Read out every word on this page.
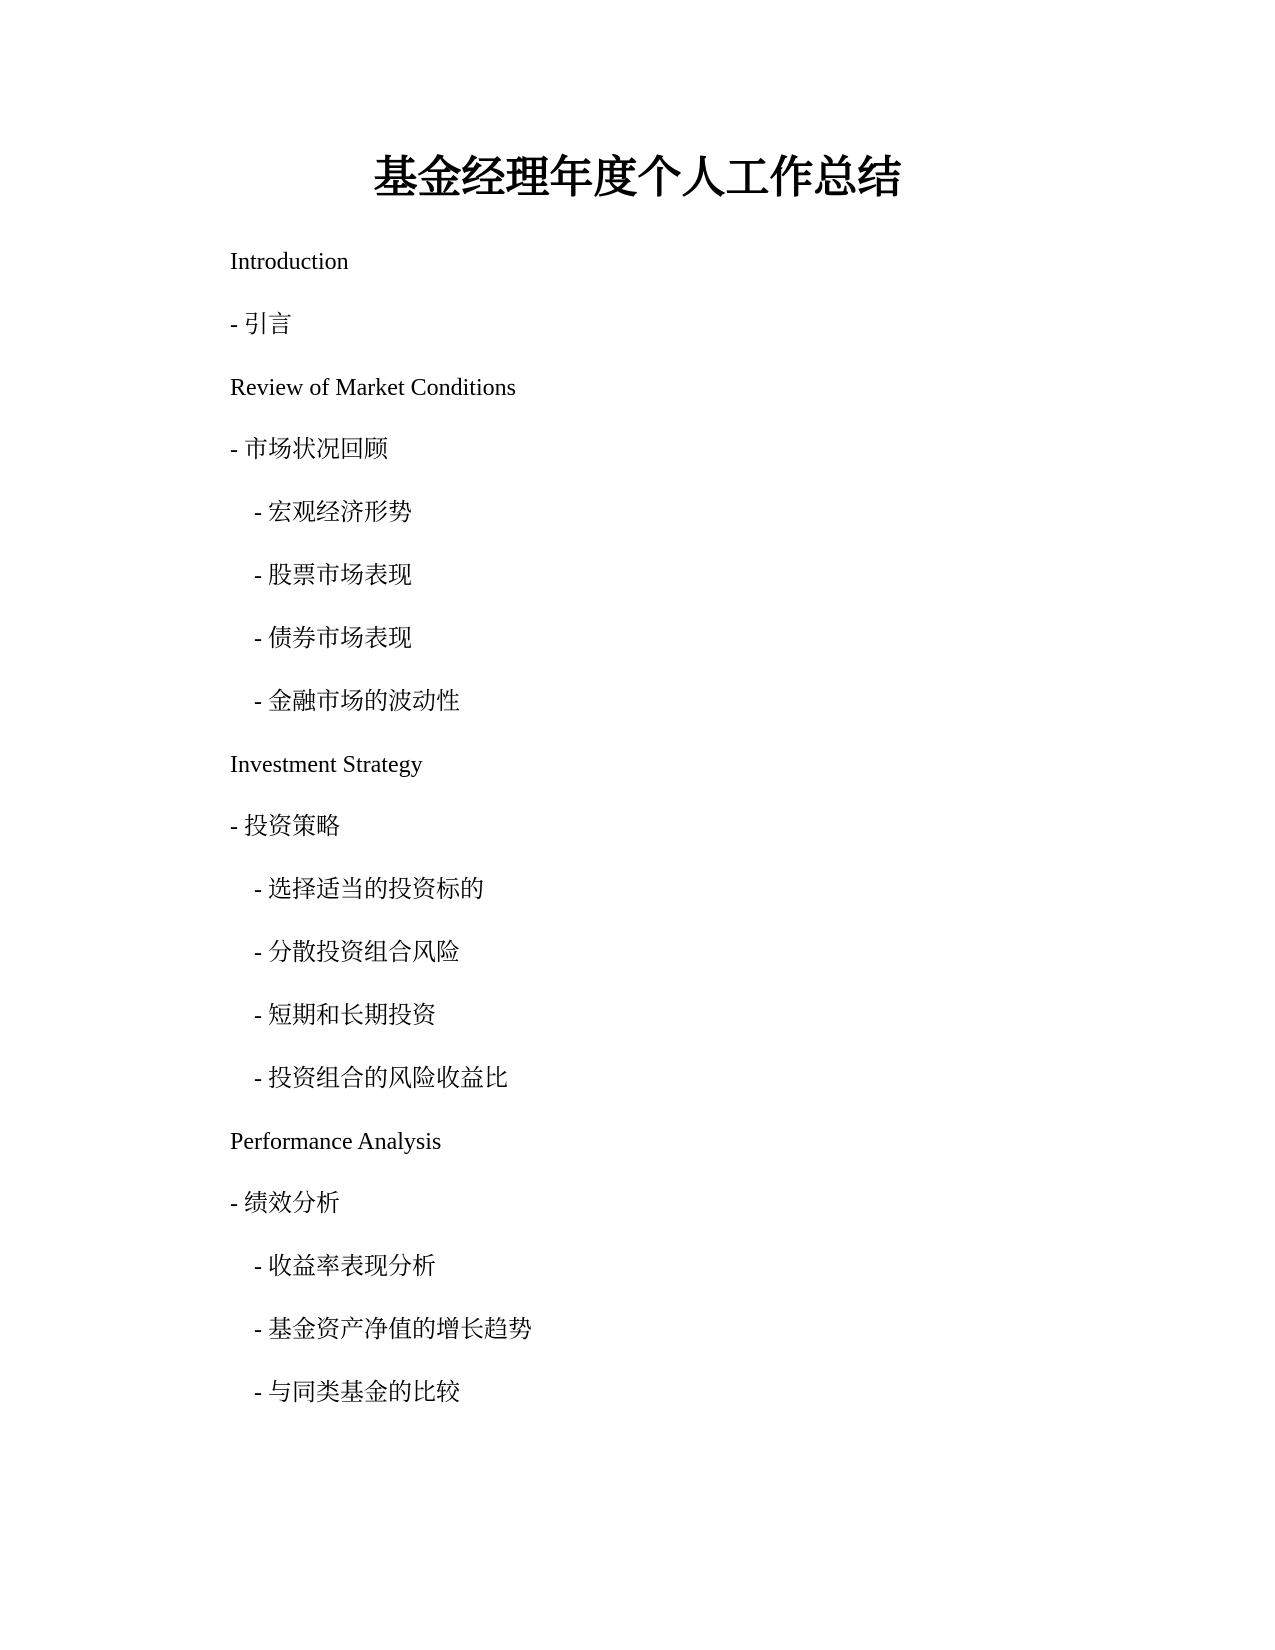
基金经理年度个人工作总结

Introduction

- 引言

Review of Market Conditions

- 市场状况回顾

- 宏观经济形势

- 股票市场表现

- 债券市场表现

- 金融市场的波动性

Investment Strategy

- 投资策略

- 选择适当的投资标的

- 分散投资组合风险

- 短期和长期投资

- 投资组合的风险收益比

Performance Analysis

- 绩效分析

- 收益率表现分析

- 基金资产净值的增长趋势

- 与同类基金的比较
